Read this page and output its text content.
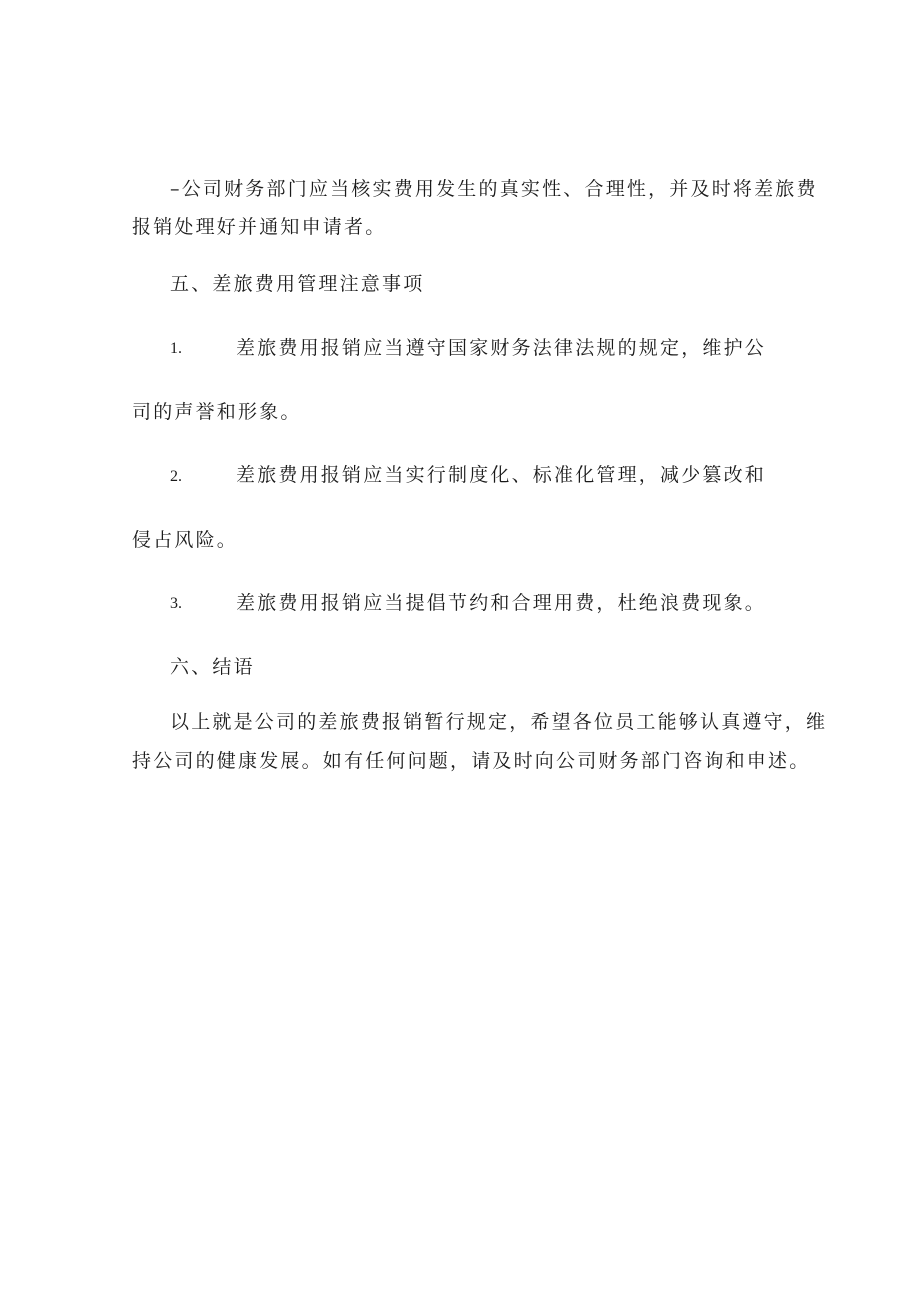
–公司财务部门应当核实费用发生的真实性、合理性，并及时将差旅费
报销处理好并通知申请者。
五、差旅费用管理注意事项
1.	差旅费用报销应当遵守国家财务法律法规的规定，维护公
司的声誉和形象。
2.	差旅费用报销应当实行制度化、标准化管理，减少篡改和
侵占风险。
3.	差旅费用报销应当提倡节约和合理用费，杜绝浪费现象。
六、结语
以上就是公司的差旅费报销暂行规定，希望各位员工能够认真遵守，维
持公司的健康发展。如有任何问题，请及时向公司财务部门咨询和申述。
